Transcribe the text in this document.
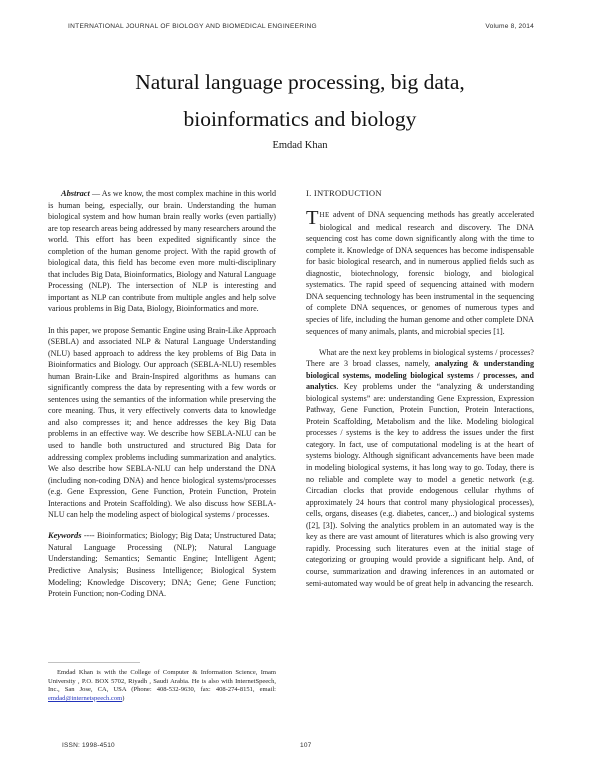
INTERNATIONAL JOURNAL OF BIOLOGY AND BIOMEDICAL ENGINEERING	Volume 8, 2014
Natural language processing, big data,
bioinformatics and biology
Emdad Khan

Abstract — As we know, the most complex machine in this world is human being, especially, our brain. Understanding the human biological system and how human brain really works (even partially) are top research areas being addressed by many researchers around the world. This effort has been expedited significantly since the completion of the human genome project. With the rapid growth of biological data, this field has become even more multi-disciplinary that includes Big Data, Bioinformatics, Biology and Natural Language Processing (NLP). The intersection of NLP is interesting and important as NLP can contribute from multiple angles and help solve various problems in Big Data, Biology, Bioinformatics and more.

In this paper, we propose Semantic Engine using Brain-Like Approach (SEBLA) and associated NLP & Natural Language Understanding (NLU) based approach to address the key problems of Big Data in Bioinformatics and Biology. Our approach (SEBLA-NLU) resembles human Brain-Like and Brain-Inspired algorithms as humans can significantly compress the data by representing with a few words or sentences using the semantics of the information while preserving the core meaning. Thus, it very effectively converts data to knowledge and also compresses it; and hence addresses the key Big Data problems in an effective way. We describe how SEBLA-NLU can be used to handle both unstructured and structured Big Data for addressing complex problems including summarization and analytics. We also describe how SEBLA-NLU can help understand the DNA (including non-coding DNA) and hence biological systems/processes (e.g. Gene Expression, Gene Function, Protein Function, Protein Interactions and Protein Scaffolding). We also discuss how SEBLA-NLU can help the modeling aspect of biological systems / processes.

Keywords ---- Bioinformatics; Biology; Big Data; Unstructured Data; Natural Language Processing (NLP); Natural Language Understanding; Semantics; Semantic Engine; Intelligent Agent; Predictive Analysis; Business Intelligence; Biological System Modeling; Knowledge Discovery; DNA; Gene; Gene Function; Protein Function; non-Coding DNA.

I. INTRODUCTION

THE advent of DNA sequencing methods has greatly accelerated biological and medical research and discovery. The DNA sequencing cost has come down significantly along with the time to complete it. Knowledge of DNA sequences has become indispensable for basic biological research, and in numerous applied fields such as diagnostic, biotechnology, forensic biology, and biological systematics. The rapid speed of sequencing attained with modern DNA sequencing technology has been instrumental in the sequencing of complete DNA sequences, or genomes of numerous types and species of life, including the human genome and other complete DNA sequences of many animals, plants, and microbial species [1].

What are the next key problems in biological systems / processes? There are 3 broad classes, namely, analyzing & understanding biological systems, modeling biological systems / processes, and analytics. Key problems under the “analyzing & understanding biological systems” are: understanding Gene Expression, Expression Pathway, Gene Function, Protein Function, Protein Interactions, Protein Scaffolding, Metabolism and the like. Modeling biological processes / systems is the key to address the issues under the first category. In fact, use of computational modeling is at the heart of systems biology. Although significant advancements have been made in modeling biological systems, it has long way to go. Today, there is no reliable and complete way to model a genetic network (e.g. Circadian clocks that provide endogenous cellular rhythms of approximately 24 hours that control many physiological processes), cells, organs, diseases (e.g. diabetes, cancer,..) and biological systems ([2], [3]). Solving the analytics problem in an automated way is the key as there are vast amount of literatures which is also growing very rapidly. Processing such literatures even at the initial stage of categorizing or grouping would provide a significant help. And, of course, summarization and drawing inferences in an automated or semi-automated way would be of great help in advancing the research.

Emdad Khan is with the College of Computer & Information Science, Imam University , P.O. BOX 5702, Riyadh , Saudi Arabia. He is also with InternetSpeech, Inc., San Jose, CA, USA (Phone: 408-532-9630, fax: 408-274-8151, email: emdad@internetspeech.com)
ISSN: 1998-4510	107
